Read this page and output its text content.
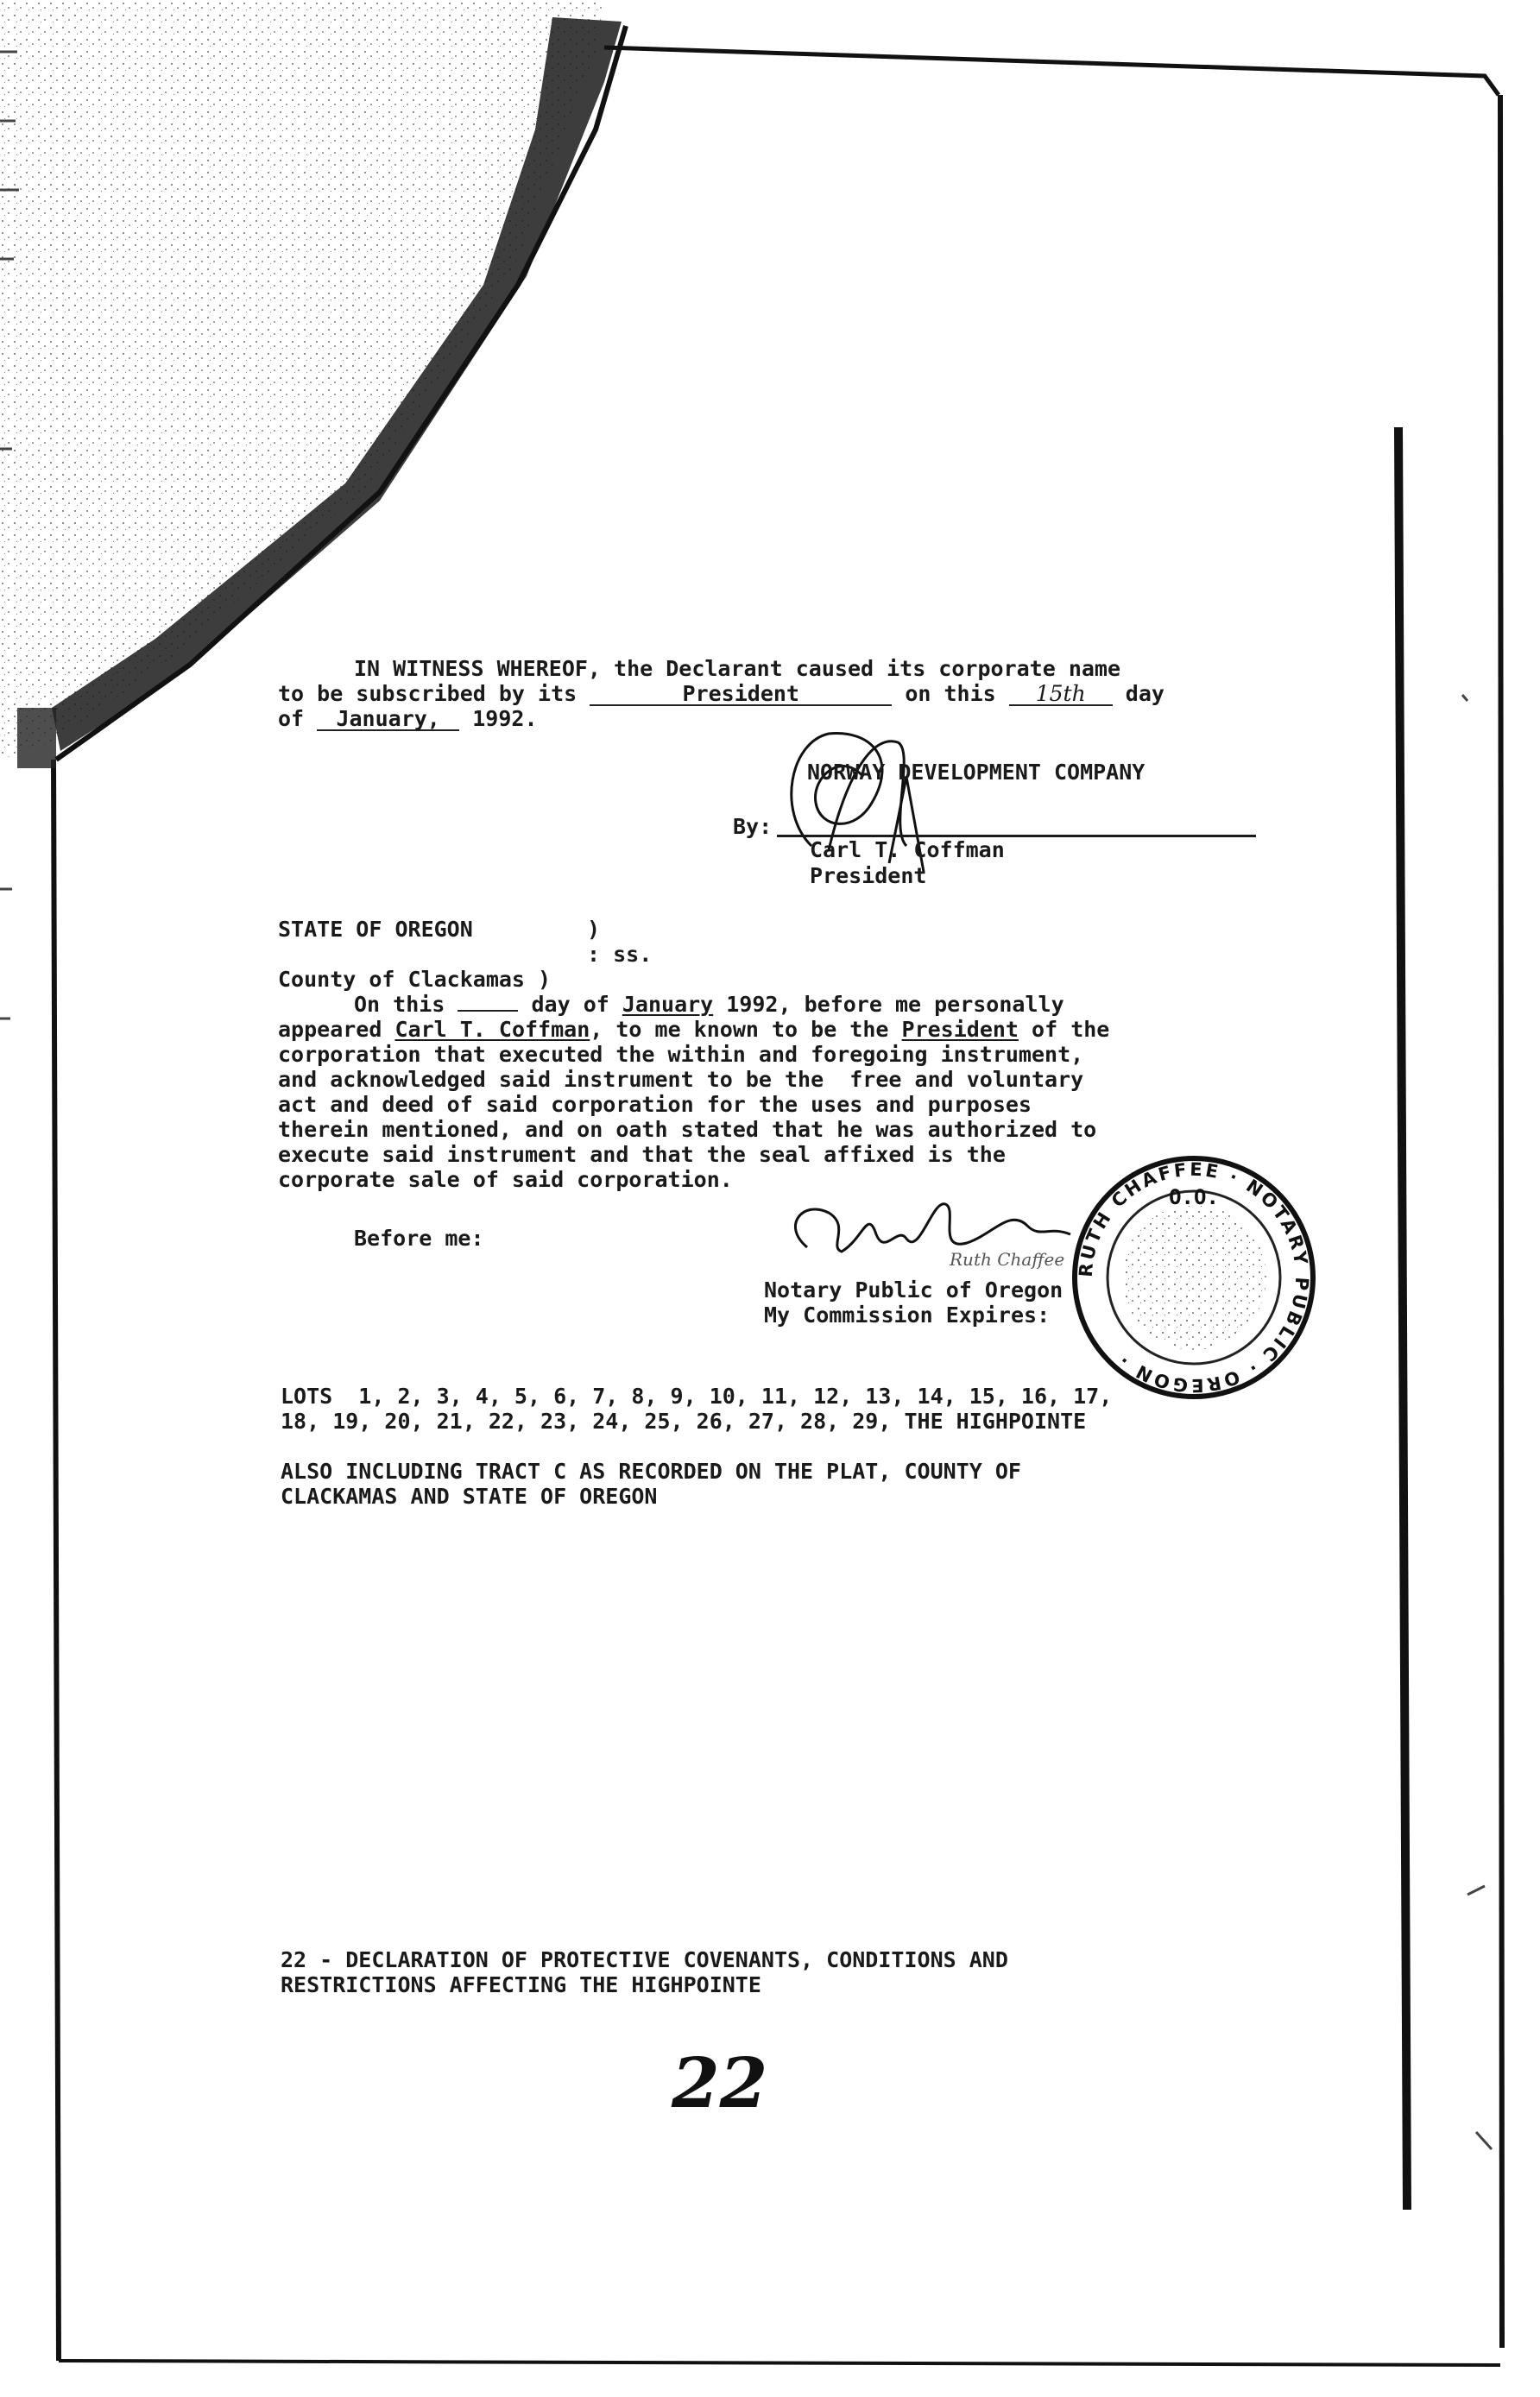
RUTH CHAFFEE · NOTARY PUBLIC · OREGON ·
O.O.
IN WITNESS WHEREOF, the Declarant caused its corporate name
to be subscribed by its	President	on this 15th day
of January, 1992.
NORWAY DEVELOPMENT COMPANY
By:
Carl T. Coffman
President
STATE OF OREGON	)
: ss.
County of Clackamas )
On this	day of January 1992, before me personally
appeared Carl T. Coffman, to me known to be the President of the
corporation that executed the within and foregoing instrument,
and acknowledged said instrument to be the  free and voluntary
act and deed of said corporation for the uses and purposes
therein mentioned, and on oath stated that he was authorized to
execute said instrument and that the seal affixed is the
corporate sale of said corporation.
Before me:
Ruth Chaffee
Notary Public of Oregon
My Commission Expires:
LOTS  1, 2, 3, 4, 5, 6, 7, 8, 9, 10, 11, 12, 13, 14, 15, 16, 17,
18, 19, 20, 21, 22, 23, 24, 25, 26, 27, 28, 29, THE HIGHPOINTE
ALSO INCLUDING TRACT C AS RECORDED ON THE PLAT, COUNTY OF
CLACKAMAS AND STATE OF OREGON
22 - DECLARATION OF PROTECTIVE COVENANTS, CONDITIONS AND
RESTRICTIONS AFFECTING THE HIGHPOINTE
22
